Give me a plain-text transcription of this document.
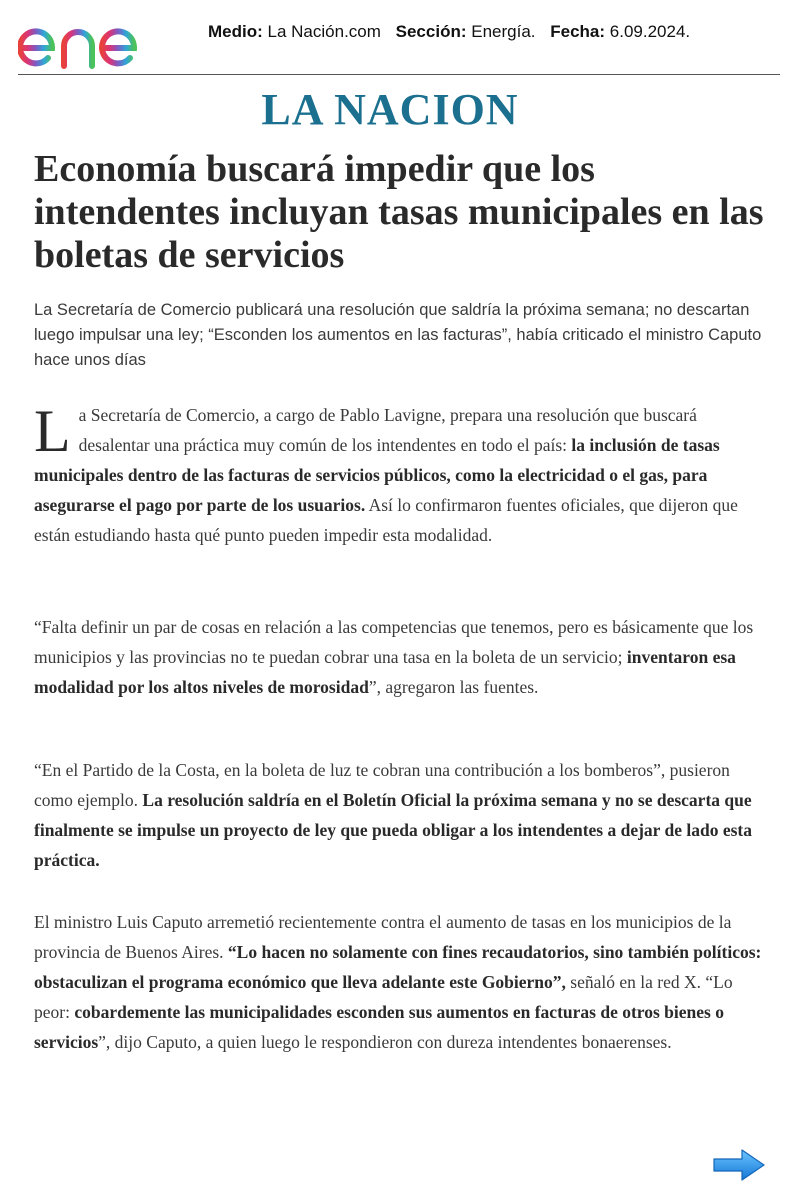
Medio: La Nación.com Sección: Energía. Fecha: 6.09.2024.
LA NACION
Economía buscará impedir que los intendentes incluyan tasas municipales en las boletas de servicios

La Secretaría de Comercio publicará una resolución que saldría la próxima semana; no descartan luego impulsar una ley; “Esconden los aumentos en las facturas”, había criticado el ministro Caputo hace unos días

La Secretaría de Comercio, a cargo de Pablo Lavigne, prepara una resolución que buscará desalentar una práctica muy común de los intendentes en todo el país: la inclusión de tasas municipales dentro de las facturas de servicios públicos, como la electricidad o el gas, para asegurarse el pago por parte de los usuarios. Así lo confirmaron fuentes oficiales, que dijeron que están estudiando hasta qué punto pueden impedir esta modalidad.

“Falta definir un par de cosas en relación a las competencias que tenemos, pero es básicamente que los municipios y las provincias no te puedan cobrar una tasa en la boleta de un servicio; inventaron esa modalidad por los altos niveles de morosidad”, agregaron las fuentes.

“En el Partido de la Costa, en la boleta de luz te cobran una contribución a los bomberos”, pusieron como ejemplo. La resolución saldría en el Boletín Oficial la próxima semana y no se descarta que finalmente se impulse un proyecto de ley que pueda obligar a los intendentes a dejar de lado esta práctica.

El ministro Luis Caputo arremetió recientemente contra el aumento de tasas en los municipios de la provincia de Buenos Aires. “Lo hacen no solamente con fines recaudatorios, sino también políticos: obstaculizan el programa económico que lleva adelante este Gobierno”, señaló en la red X. “Lo peor: cobardemente las municipalidades esconden sus aumentos en facturas de otros bienes o servicios”, dijo Caputo, a quien luego le respondieron con dureza intendentes bonaerenses.
